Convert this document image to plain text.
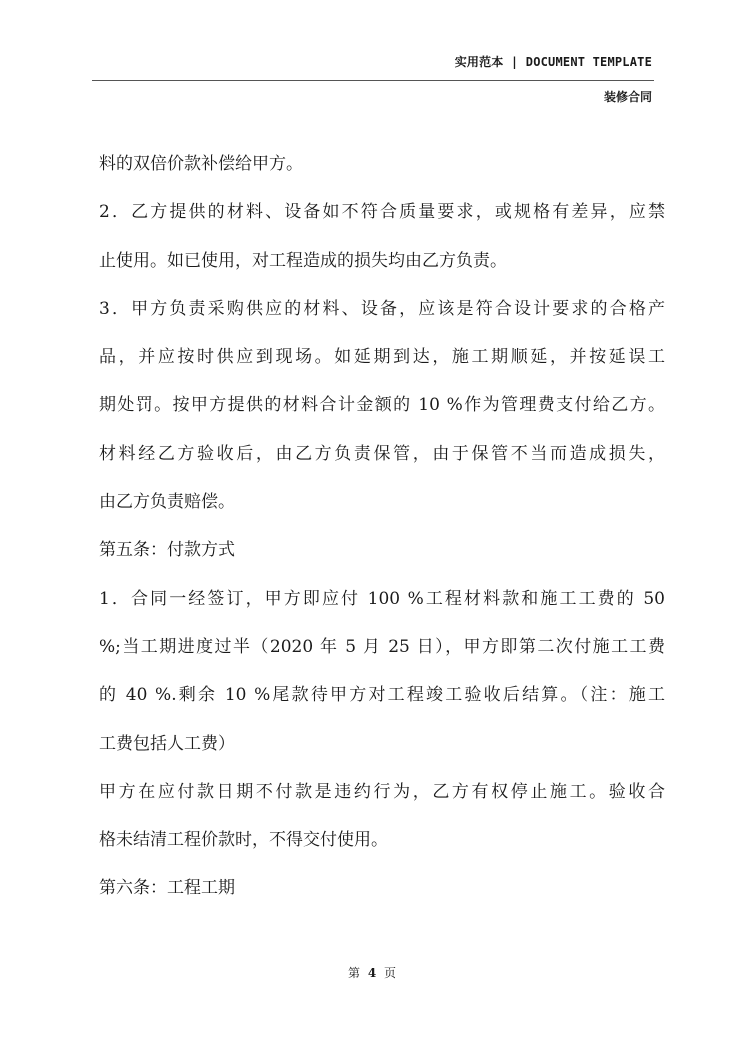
实用范本 | DOCUMENT TEMPLATE
装修合同
料的双倍价款补偿给甲方。
2．乙方提供的材料、设备如不符合质量要求，或规格有差异，应禁
止使用。如已使用，对工程造成的损失均由乙方负责。
3．甲方负责采购供应的材料、设备，应该是符合设计要求的合格产
品，并应按时供应到现场。如延期到达，施工期顺延，并按延误工
期处罚。按甲方提供的材料合计金额的 10 %作为管理费支付给乙方。
材料经乙方验收后，由乙方负责保管，由于保管不当而造成损失，
由乙方负责赔偿。
第五条：付款方式
1．合同一经签订，甲方即应付 100 %工程材料款和施工工费的 50
%;当工期进度过半（2020 年 5 月 25 日），甲方即第二次付施工工费
的 40 %.剩余 10 %尾款待甲方对工程竣工验收后结算。（注：施工
工费包括人工费）
甲方在应付款日期不付款是违约行为，乙方有权停止施工。验收合
格未结清工程价款时，不得交付使用。
第六条：工程工期
第 4 页
